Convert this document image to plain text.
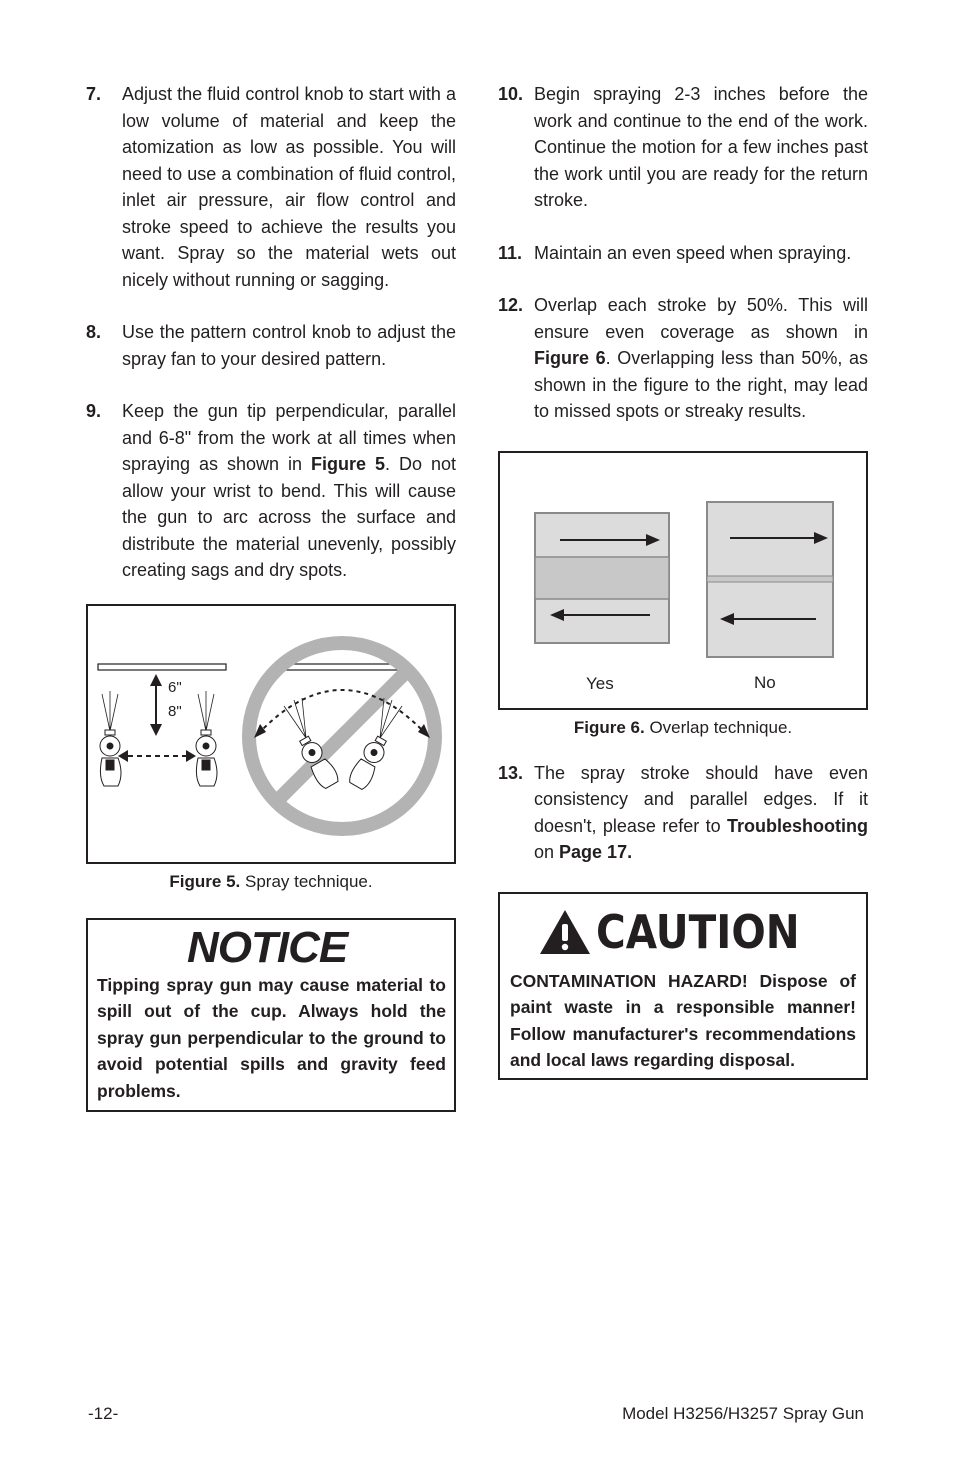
7. Adjust the fluid control knob to start with a low volume of material and keep the atomization as low as possible. You will need to use a combination of fluid control, inlet air pressure, air flow control and stroke speed to achieve the results you want. Spray so the material wets out nicely without running or sagging.
8. Use the pattern control knob to adjust the spray fan to your desired pattern.
9. Keep the gun tip perpendicular, parallel and 6-8" from the work at all times when spraying as shown in Figure 5. Do not allow your wrist to bend. This will cause the gun to arc across the surface and distribute the material unevenly, possibly creating sags and dry spots.
6"
8"
Figure 5. Spray technique.
NOTICE
Tipping spray gun may cause material to spill out of the cup. Always hold the spray gun perpendicular to the ground to avoid potential spills and gravity feed problems.
10. Begin spraying 2-3 inches before the work and continue to the end of the work. Continue the motion for a few inches past the work until you are ready for the return stroke.
11. Maintain an even speed when spraying.
12. Overlap each stroke by 50%. This will ensure even coverage as shown in Figure 6. Overlapping less than 50%, as shown in the figure to the right, may lead to missed spots or streaky results.
Yes	No
Figure 6. Overlap technique.
13. The spray stroke should have even consistency and parallel edges. If it doesn't, please refer to Troubleshooting on Page 17.
CAUTION
CONTAMINATION HAZARD! Dispose of paint waste in a responsible manner! Follow manufacturer's recommendations and local laws regarding disposal.
-12-	Model H3256/H3257 Spray Gun
